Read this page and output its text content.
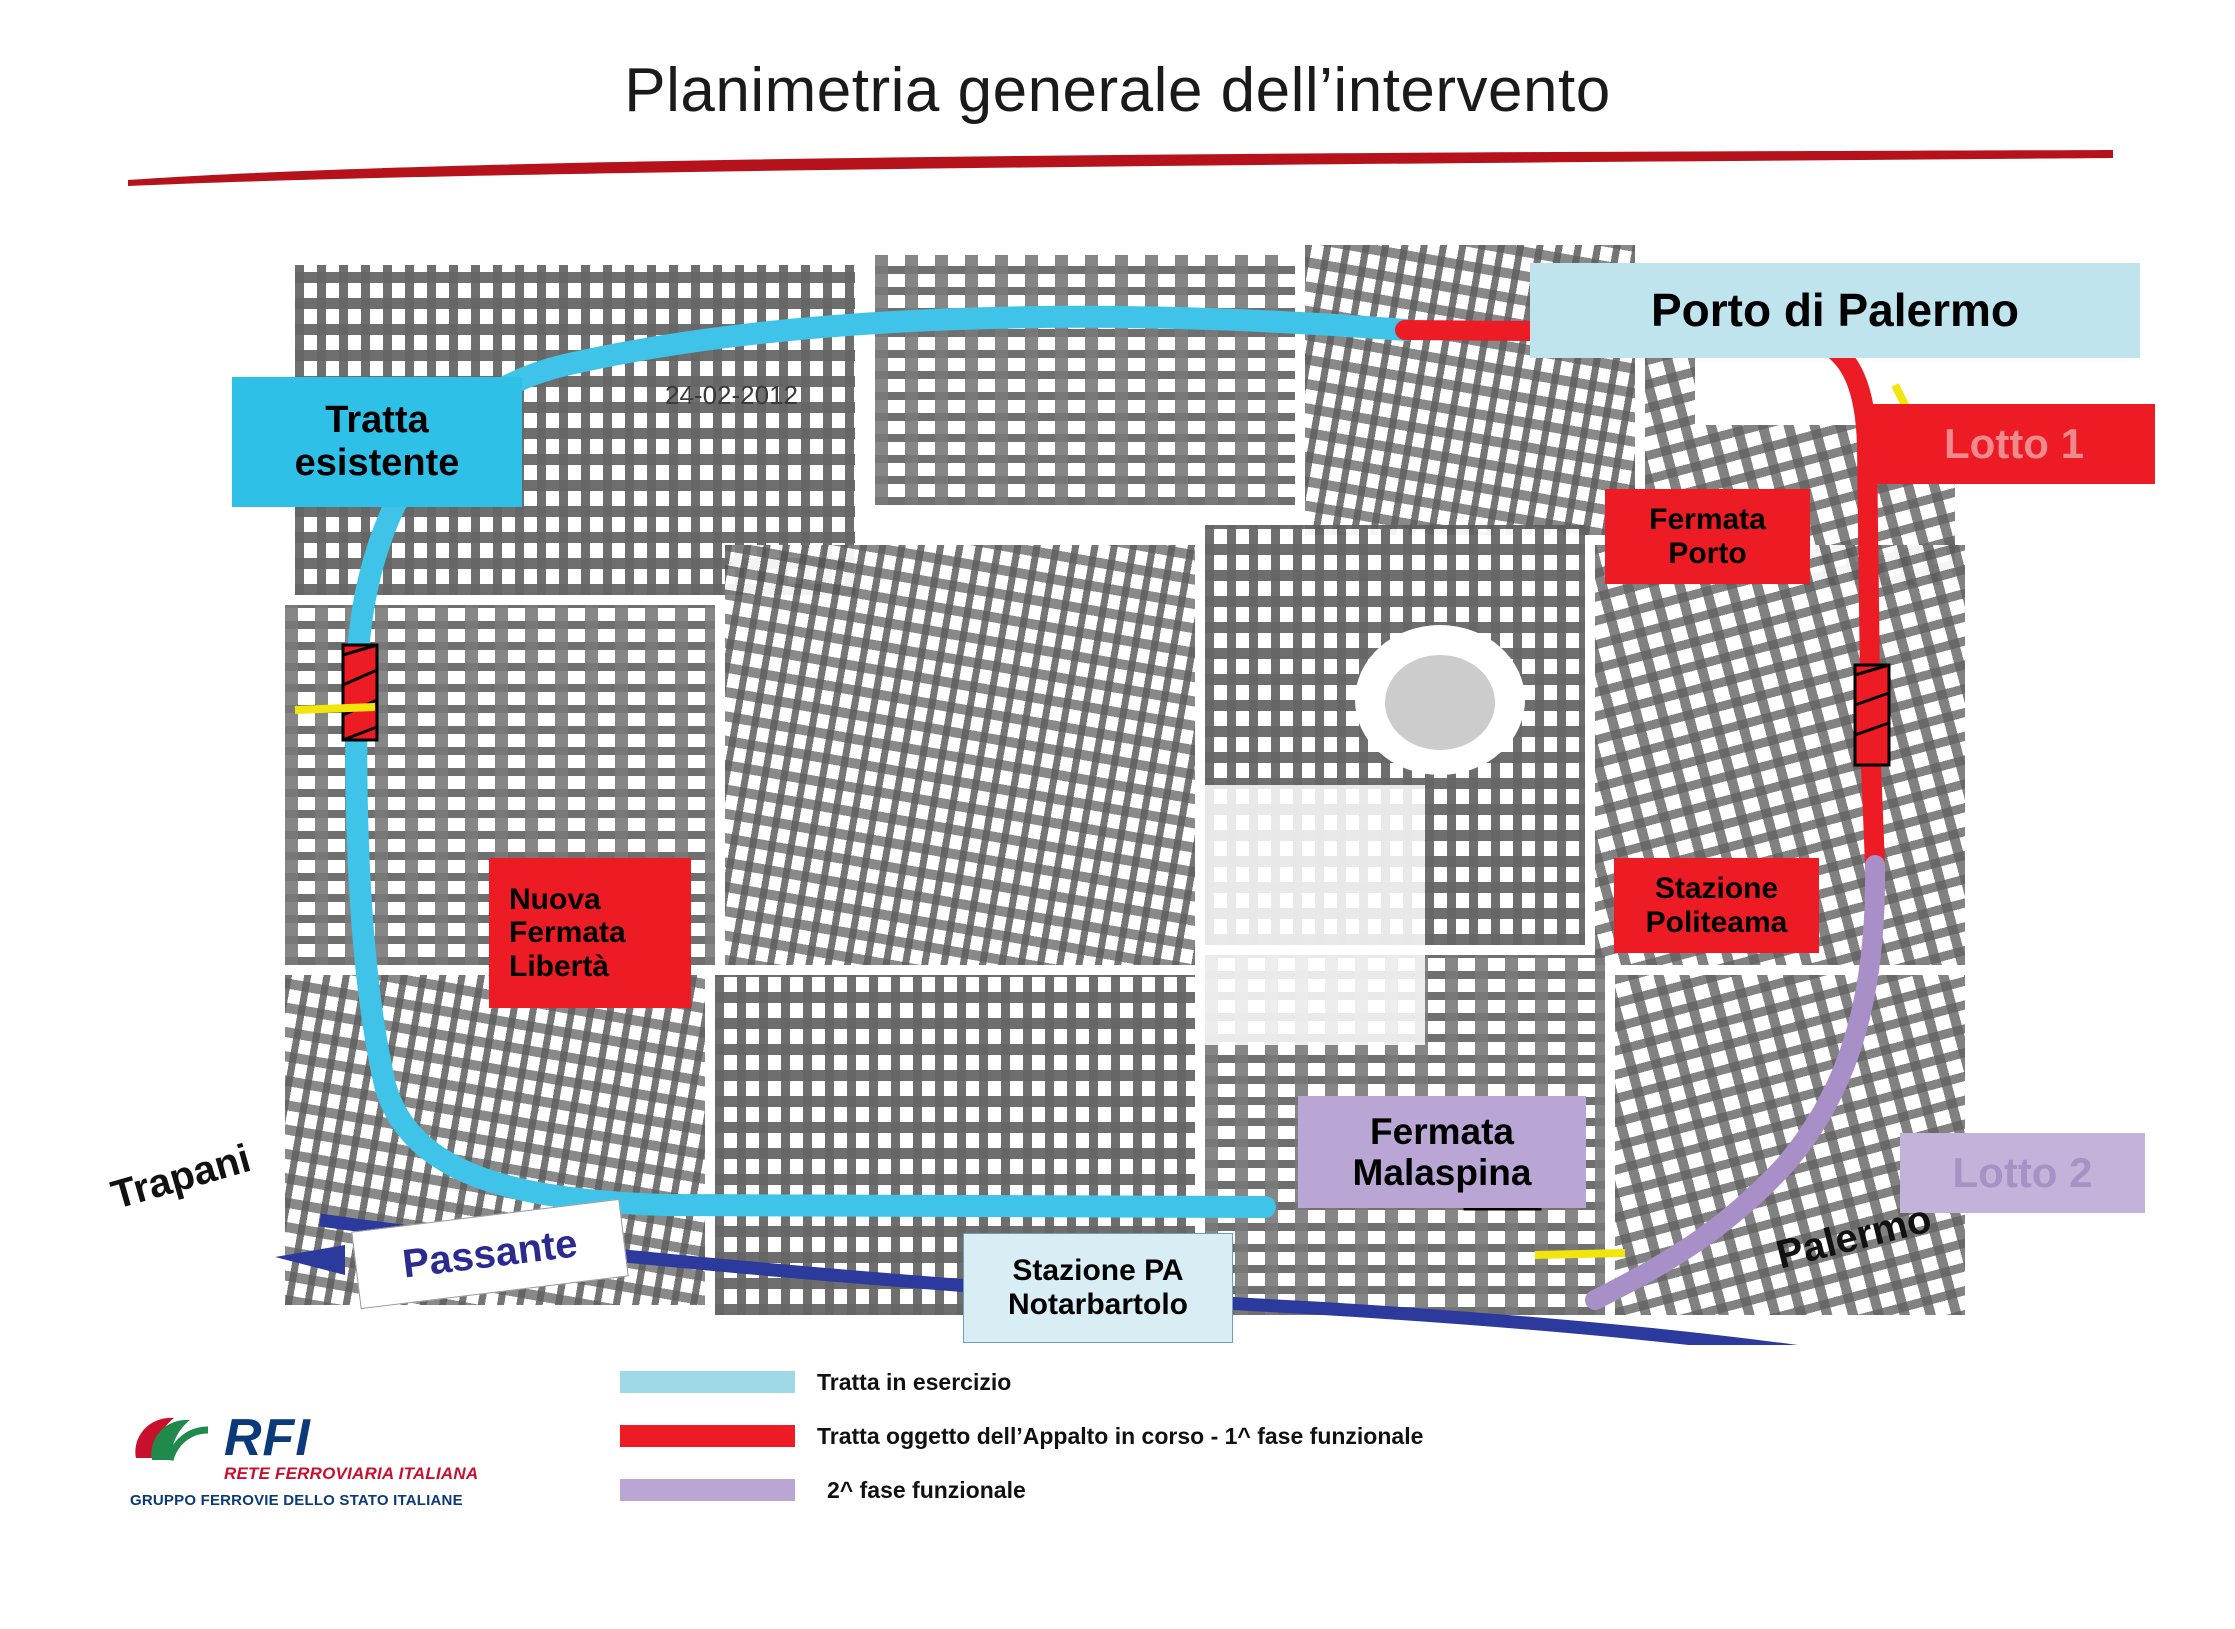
Planimetria generale dell’intervento
24-02-2012
Tratta
esistente
Porto di Palermo
Lotto 1
Fermata
Porto
Nuova
Fermata
Libertà
Stazione
Politeama
Fermata
Malaspina	Lotto 2
Stazione PA
Notarbartolo
Passante
Trapani
Palermo
Tratta in esercizio
Tratta oggetto dell’Appalto in corso - 1^ fase funzionale
2^ fase funzionale
RFI
RETE FERROVIARIA ITALIANA
GRUPPO FERROVIE DELLO STATO ITALIANE
